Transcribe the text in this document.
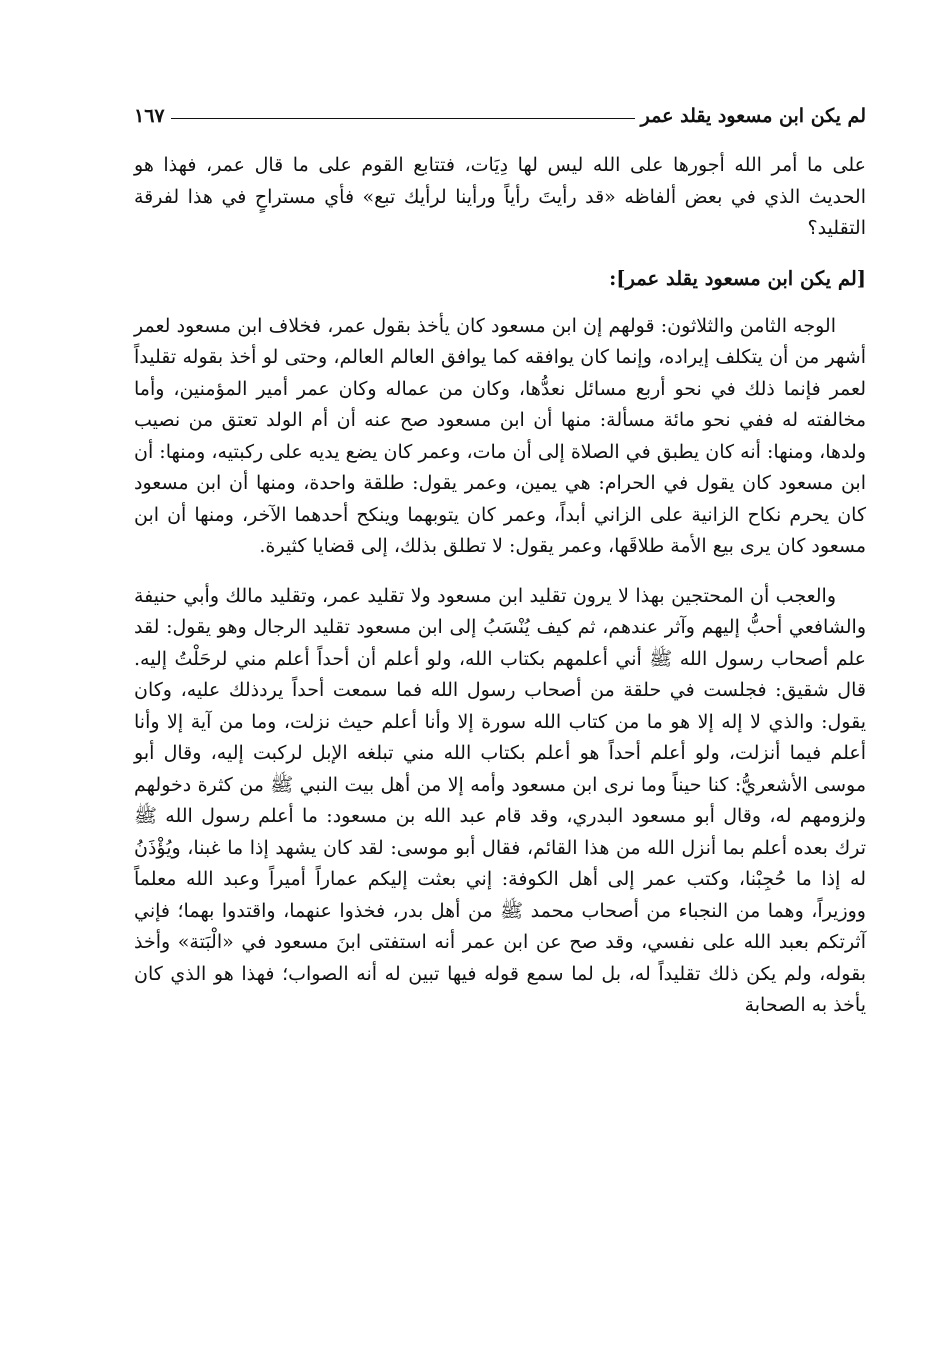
لم يكن ابن مسعود يقلد عمر
١٦٧

على ما أمر الله أجورها على الله ليس لها دِيَات، فتتابع القوم على ما قال عمر، فهذا هو الحديث الذي في بعض ألفاظه «قد رأيتَ رأياً ورأينا لرأيك تبع» فأي مستراحٍ في هذا لفرقة التقليد؟

[لم يكن ابن مسعود يقلد عمر]:

الوجه الثامن والثلاثون: قولهم إن ابن مسعود كان يأخذ بقول عمر، فخلاف ابن مسعود لعمر أشهر من أن يتكلف إيراده، وإنما كان يوافقه كما يوافق العالم العالم، وحتى لو أخذ بقوله تقليداً لعمر فإنما ذلك في نحو أربع مسائل نعدُّها، وكان من عماله وكان عمر أمير المؤمنين، وأما مخالفته له ففي نحو مائة مسألة: منها أن ابن مسعود صح عنه أن أم الولد تعتق من نصيب ولدها، ومنها: أنه كان يطبق في الصلاة إلى أن مات، وعمر كان يضع يديه على ركبتيه، ومنها: أن ابن مسعود كان يقول في الحرام: هي يمين، وعمر يقول: طلقة واحدة، ومنها أن ابن مسعود كان يحرم نكاح الزانية على الزاني أبداً، وعمر كان يتوبهما وينكح أحدهما الآخر، ومنها أن ابن مسعود كان يرى بيع الأمة طلاقَها، وعمر يقول: لا تطلق بذلك، إلى قضايا كثيرة.

والعجب أن المحتجين بهذا لا يرون تقليد ابن مسعود ولا تقليد عمر، وتقليد مالك وأبي حنيفة والشافعي أحبُّ إليهم وآثر عندهم، ثم كيف يُنْسَبُ إلى ابن مسعود تقليد الرجال وهو يقول: لقد علم أصحاب رسول الله ﷺ أني أعلمهم بكتاب الله، ولو أعلم أن أحداً أعلم مني لرحَلْتُ إليه. قال شقيق: فجلست في حلقة من أصحاب رسول الله فما سمعت أحداً يردذلك عليه، وكان يقول: والذي لا إله إلا هو ما من كتاب الله سورة إلا وأنا أعلم حيث نزلت، وما من آية إلا وأنا أعلم فيما أنزلت، ولو أعلم أحداً هو أعلم بكتاب الله مني تبلغه الإبل لركبت إليه، وقال أبو موسى الأشعريُّ: كنا حيناً وما نرى ابن مسعود وأمه إلا من أهل بيت النبي ﷺ من كثرة دخولهم ولزومهم له، وقال أبو مسعود البدري، وقد قام عبد الله بن مسعود: ما أعلم رسول الله ﷺ ترك بعده أعلم بما أنزل الله من هذا القائم، فقال أبو موسى: لقد كان يشهد إذا ما غبنا، ويُؤْذَنُ له إذا ما حُجِبْنا، وكتب عمر إلى أهل الكوفة: إني بعثت إليكم عماراً أميراً وعبد الله معلماً ووزيراً، وهما من النجباء من أصحاب محمد ﷺ من أهل بدر، فخذوا عنهما، واقتدوا بهما؛ فإني آثرتكم بعبد الله على نفسي، وقد صح عن ابن عمر أنه استفتى ابنَ مسعود في «الْبَتة» وأخذ بقوله، ولم يكن ذلك تقليداً له، بل لما سمع قوله فيها تبين له أنه الصواب؛ فهذا هو الذي كان يأخذ به الصحابة
